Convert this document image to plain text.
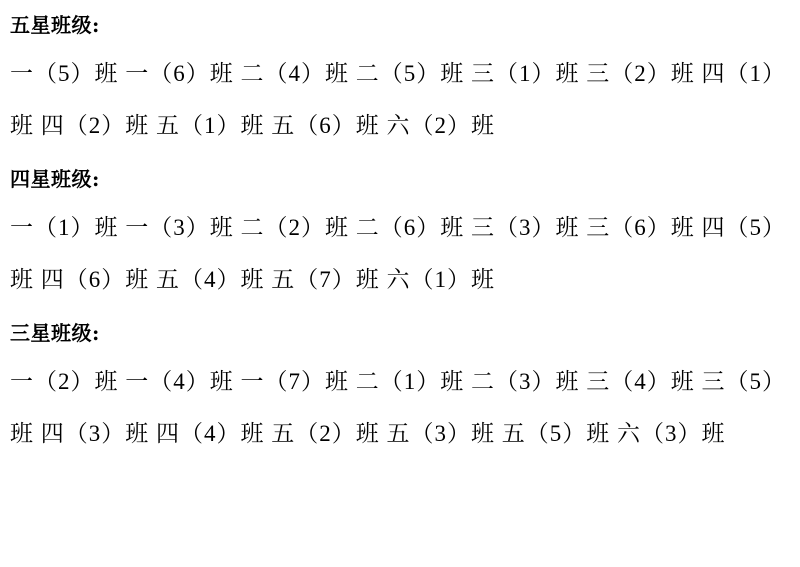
五星班级:
一（5）班 一（6）班 二（4）班 二（5）班 三（1）班 三（2）班 四（1）班 四（2）班 五（1）班 五（6）班 六（2）班
四星班级:
一（1）班 一（3）班 二（2）班 二（6）班 三（3）班 三（6）班 四（5）班 四（6）班 五（4）班 五（7）班 六（1）班
三星班级:
一（2）班 一（4）班 一（7）班 二（1）班 二（3）班 三（4）班 三（5）班 四（3）班 四（4）班 五（2）班 五（3）班 五（5）班 六（3）班
